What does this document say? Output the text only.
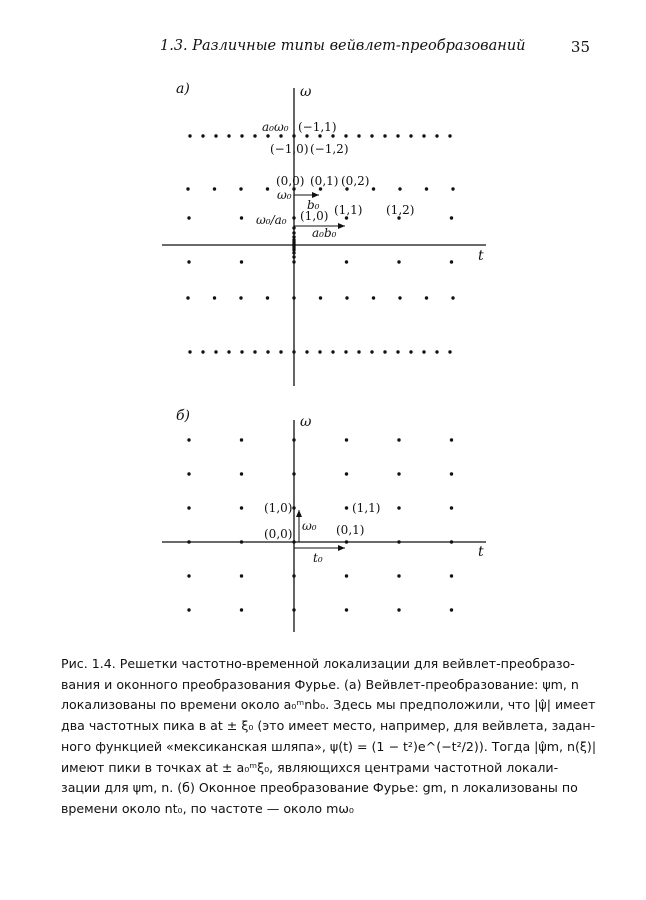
1.3. Различные типы вейвлет-преобразований	35
а)	ω
t
a₀ω₀ (−1,1)
(−1,0) (−1,2)
(0,0) (0,1) (0,2)
ω₀
b₀
ω₀/a₀ (1,0) (1,1) (1,2)
a₀b₀
б)	ω
t
(1,0)	(1,1)
ω₀
(0,0)	(0,1)
t₀
Рис. 1.4. Решетки частотно-временной локализации для вейвлет-преобразо-
вания и оконного преобразования Фурье. (а) Вейвлет-преобразование: ψm, n
локализованы по времени около a₀ᵐnb₀. Здесь мы предположили, что |ψ̂| имеет
два частотных пика в at ± ξ₀ (это имеет место, например, для вейвлета, задан-
ного функцией «мексиканская шляпа», ψ(t) = (1 − t²)e^(−t²/2)). Тогда |ψ̂m, n(ξ)|
имеют пики в точках at ± a₀ᵐξ₀, являющихся центрами частотной локали-
зации для ψm, n. (б) Оконное преобразование Фурье: gm, n локализованы по
времени около nt₀, по частоте — около mω₀
